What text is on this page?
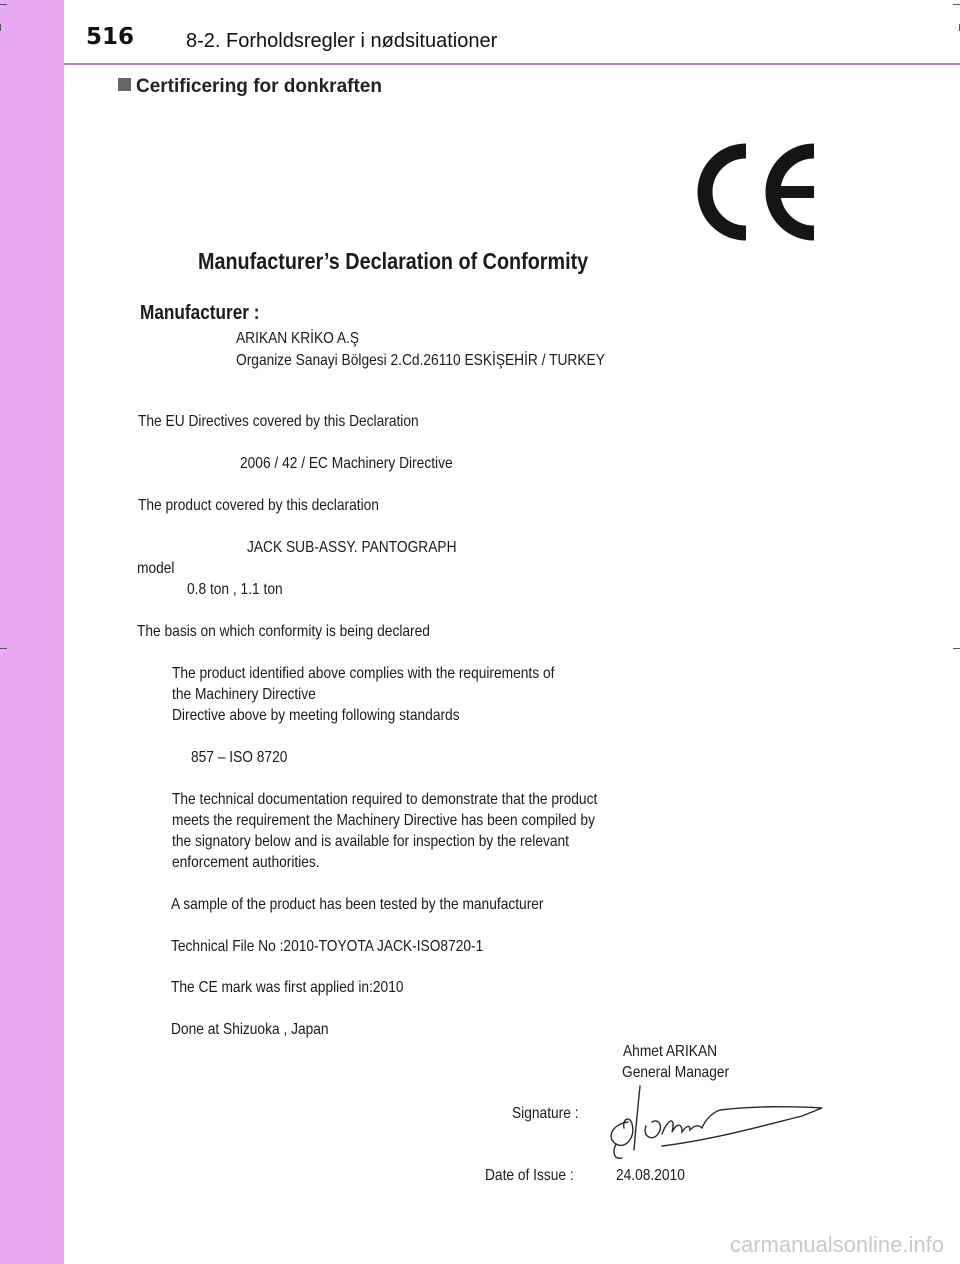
516	8-2. Forholdsregler i nødsituationer
Certificering for donkraften
Manufacturer’s Declaration of Conformity
Manufacturer :
ARIKAN KRİKO A.Ş
Organize Sanayi Bölgesi 2.Cd.26110 ESKİŞEHİR / TURKEY
The EU Directives covered by this Declaration
2006 / 42 / EC Machinery Directive
The product covered by this declaration
JACK SUB-ASSY. PANTOGRAPH
model
0.8 ton , 1.1 ton
The basis on which conformity is being declared
The product identified above complies with the requirements of
the Machinery Directive
Directive above by meeting following standards
857 – ISO 8720
The technical documentation required to demonstrate that the product
meets the requirement the Machinery Directive has been compiled by
the signatory below and is available for inspection by the relevant
enforcement authorities.
A sample of the product has been tested by the manufacturer
Technical File No :2010-TOYOTA JACK-ISO8720-1
The CE mark was first applied in:2010
Done at Shizuoka , Japan
Ahmet ARIKAN
General Manager
Signature :
Date of Issue :	24.08.2010
carmanualsonline.info
